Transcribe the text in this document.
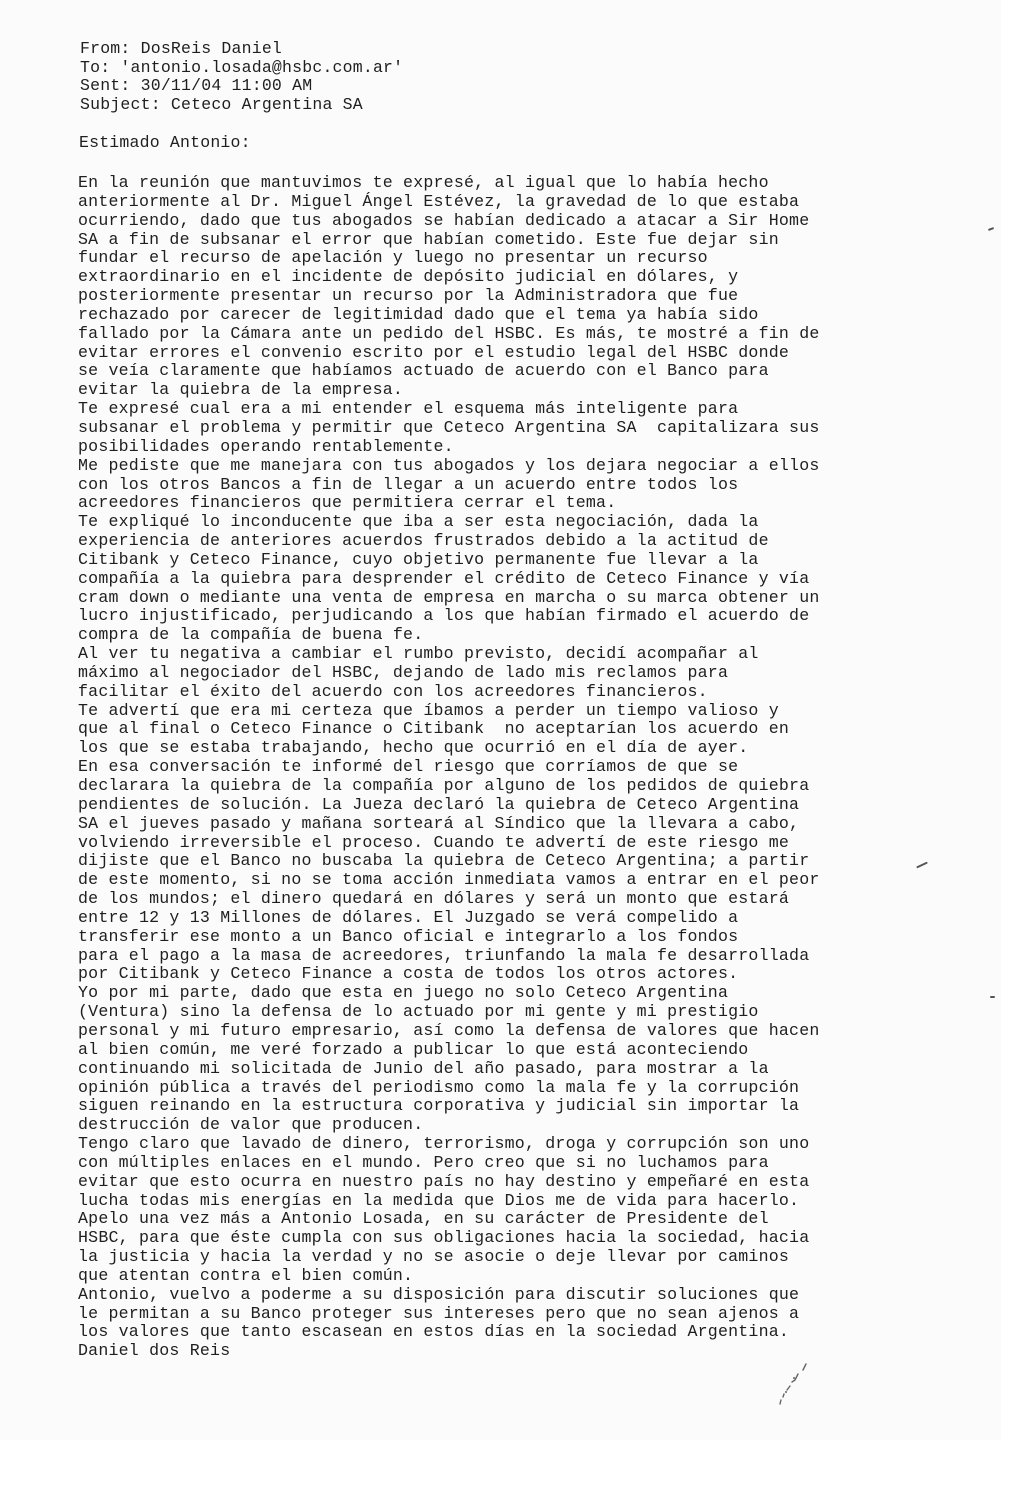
From: DosReis Daniel
To: 'antonio.losada@hsbc.com.ar'
Sent: 30/11/04 11:00 AM
Subject: Ceteco Argentina SA
Estimado Antonio:
En la reunión que mantuvimos te expresé, al igual que lo había hecho
anteriormente al Dr. Miguel Ángel Estévez, la gravedad de lo que estaba
ocurriendo, dado que tus abogados se habían dedicado a atacar a Sir Home
SA a fin de subsanar el error que habían cometido. Este fue dejar sin
fundar el recurso de apelación y luego no presentar un recurso
extraordinario en el incidente de depósito judicial en dólares, y
posteriormente presentar un recurso por la Administradora que fue
rechazado por carecer de legitimidad dado que el tema ya había sido
fallado por la Cámara ante un pedido del HSBC. Es más, te mostré a fin de
evitar errores el convenio escrito por el estudio legal del HSBC donde
se veía claramente que habíamos actuado de acuerdo con el Banco para
evitar la quiebra de la empresa.
Te expresé cual era a mi entender el esquema más inteligente para
subsanar el problema y permitir que Ceteco Argentina SA  capitalizara sus
posibilidades operando rentablemente.
Me pediste que me manejara con tus abogados y los dejara negociar a ellos
con los otros Bancos a fin de llegar a un acuerdo entre todos los
acreedores financieros que permitiera cerrar el tema.
Te expliqué lo inconducente que iba a ser esta negociación, dada la
experiencia de anteriores acuerdos frustrados debido a la actitud de
Citibank y Ceteco Finance, cuyo objetivo permanente fue llevar a la
compañía a la quiebra para desprender el crédito de Ceteco Finance y vía
cram down o mediante una venta de empresa en marcha o su marca obtener un
lucro injustificado, perjudicando a los que habían firmado el acuerdo de
compra de la compañía de buena fe.
Al ver tu negativa a cambiar el rumbo previsto, decidí acompañar al
máximo al negociador del HSBC, dejando de lado mis reclamos para
facilitar el éxito del acuerdo con los acreedores financieros.
Te advertí que era mi certeza que íbamos a perder un tiempo valioso y
que al final o Ceteco Finance o Citibank  no aceptarían los acuerdo en
los que se estaba trabajando, hecho que ocurrió en el día de ayer.
En esa conversación te informé del riesgo que corríamos de que se
declarara la quiebra de la compañía por alguno de los pedidos de quiebra
pendientes de solución. La Jueza declaró la quiebra de Ceteco Argentina
SA el jueves pasado y mañana sorteará al Síndico que la llevara a cabo,
volviendo irreversible el proceso. Cuando te advertí de este riesgo me
dijiste que el Banco no buscaba la quiebra de Ceteco Argentina; a partir
de este momento, si no se toma acción inmediata vamos a entrar en el peor
de los mundos; el dinero quedará en dólares y será un monto que estará
entre 12 y 13 Millones de dólares. El Juzgado se verá compelido a
transferir ese monto a un Banco oficial e integrarlo a los fondos
para el pago a la masa de acreedores, triunfando la mala fe desarrollada
por Citibank y Ceteco Finance a costa de todos los otros actores.
Yo por mi parte, dado que esta en juego no solo Ceteco Argentina
(Ventura) sino la defensa de lo actuado por mi gente y mi prestigio
personal y mi futuro empresario, así como la defensa de valores que hacen
al bien común, me veré forzado a publicar lo que está aconteciendo
continuando mi solicitada de Junio del año pasado, para mostrar a la
opinión pública a través del periodismo como la mala fe y la corrupción
siguen reinando en la estructura corporativa y judicial sin importar la
destrucción de valor que producen.
Tengo claro que lavado de dinero, terrorismo, droga y corrupción son uno
con múltiples enlaces en el mundo. Pero creo que si no luchamos para
evitar que esto ocurra en nuestro país no hay destino y empeñaré en esta
lucha todas mis energías en la medida que Dios me de vida para hacerlo.
Apelo una vez más a Antonio Losada, en su carácter de Presidente del
HSBC, para que éste cumpla con sus obligaciones hacia la sociedad, hacia
la justicia y hacia la verdad y no se asocie o deje llevar por caminos
que atentan contra el bien común.
Antonio, vuelvo a poderme a su disposición para discutir soluciones que
le permitan a su Banco proteger sus intereses pero que no sean ajenos a
los valores que tanto escasean en estos días en la sociedad Argentina.
Daniel dos Reis
